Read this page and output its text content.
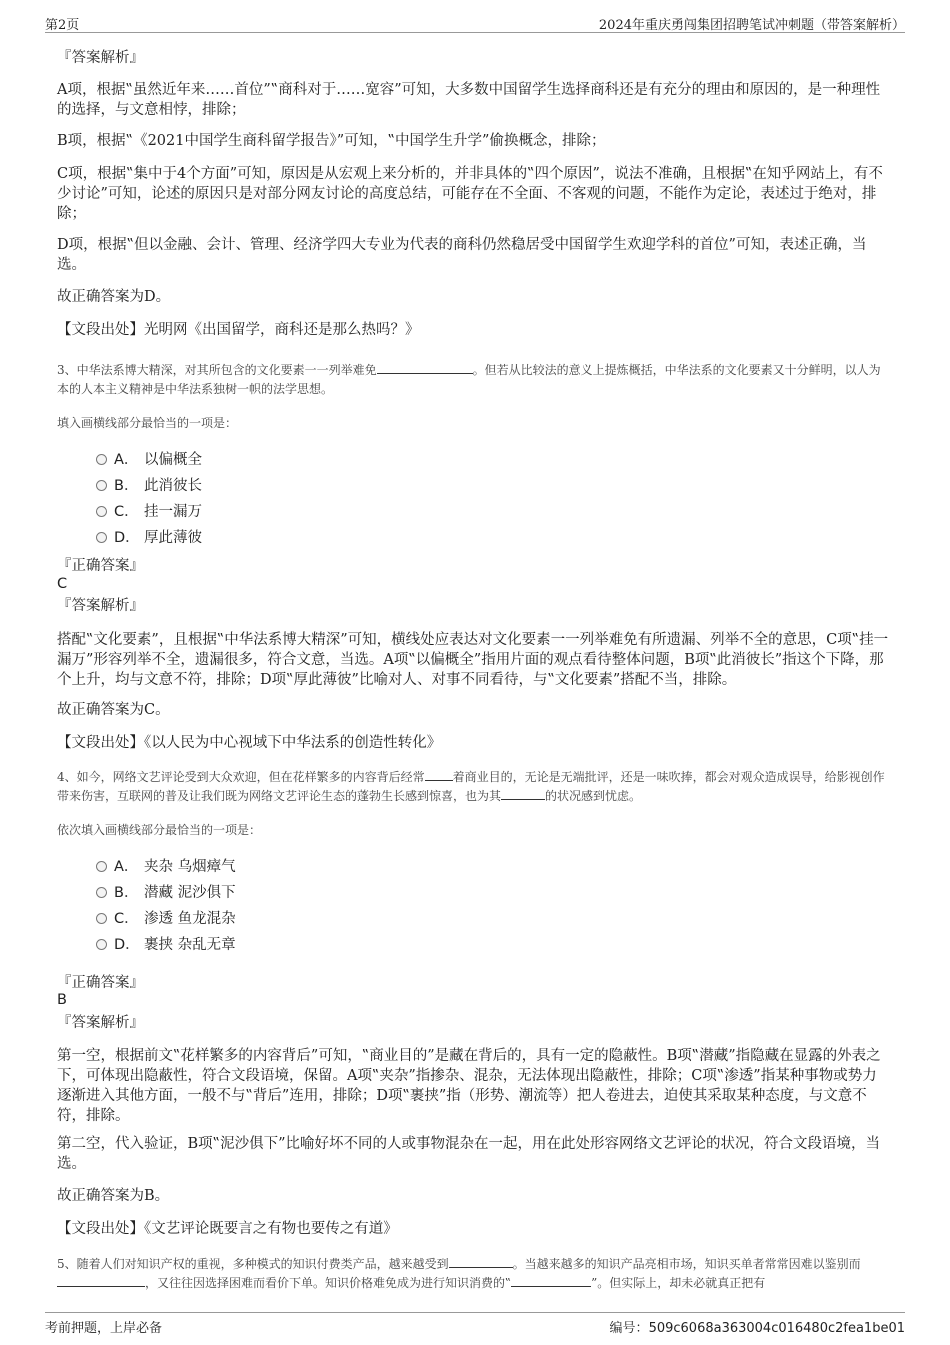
第2页	2024年重庆勇闯集团招聘笔试冲刺题（带答案解析）
『答案解析』
A项，根据‟虽然近年来……首位”‟商科对于……宽容”可知，大多数中国留学生选择商科还是有充分的理由和原因的，是一种理性的选择，与文意相悖，排除；
B项，根据‟《2021中国学生商科留学报告》”可知，‟中国学生升学”偷换概念，排除；
C项，根据‟集中于4个方面”可知，原因是从宏观上来分析的，并非具体的‟四个原因”，说法不准确，且根据‟在知乎网站上，有不少讨论”可知，论述的原因只是对部分网友讨论的高度总结，可能存在不全面、不客观的问题，不能作为定论，表述过于绝对，排除；
D项，根据‟但以金融、会计、管理、经济学四大专业为代表的商科仍然稳居受中国留学生欢迎学科的首位”可知，表述正确，当选。
故正确答案为D。
【文段出处】光明网《出国留学，商科还是那么热吗？》
3、中华法系博大精深，对其所包含的文化要素一一列举难免	。但若从比较法的意义上提炼概括，中华法系的文化要素又十分鲜明，以人为本的人本主义精神是中华法系独树一帜的法学思想。
填入画横线部分最恰当的一项是：
A． 以偏概全
B． 此消彼长
C． 挂一漏万
D． 厚此薄彼
『正确答案』
C
『答案解析』
搭配‟文化要素”，且根据‟中华法系博大精深”可知，横线处应表达对文化要素一一列举难免有所遗漏、列举不全的意思，C项‟挂一漏万”形容列举不全，遗漏很多，符合文意，当选。A项‟以偏概全”指用片面的观点看待整体问题，B项‟此消彼长”指这个下降，那个上升，均与文意不符，排除；D项‟厚此薄彼”比喻对人、对事不同看待，与‟文化要素”搭配不当，排除。
故正确答案为C。
【文段出处】《以人民为中心视域下中华法系的创造性转化》
4、如今，网络文艺评论受到大众欢迎，但在花样繁多的内容背后经常 着商业目的，无论是无端批评，还是一味吹捧，都会对观众造成误导，给影视创作带来伤害，互联网的普及让我们既为网络文艺评论生态的蓬勃生长感到惊喜，也为其	的状况感到忧虑。
依次填入画横线部分最恰当的一项是：
A． 夹杂 乌烟瘴气
B． 潜藏 泥沙俱下
C． 渗透 鱼龙混杂
D． 裹挟 杂乱无章
『正确答案』
B
『答案解析』
第一空，根据前文‟花样繁多的内容背后”可知，‟商业目的”是藏在背后的，具有一定的隐蔽性。B项‟潜藏”指隐藏在显露的外表之下，可体现出隐蔽性，符合文段语境，保留。A项‟夹杂”指掺杂、混杂，无法体现出隐蔽性，排除；C项‟渗透”指某种事物或势力逐渐进入其他方面，一般不与‟背后”连用，排除；D项‟裹挟”指（形势、潮流等）把人卷进去，迫使其采取某种态度，与文意不符，排除。
第二空，代入验证，B项‟泥沙俱下”比喻好坏不同的人或事物混杂在一起，用在此处形容网络文艺评论的状况，符合文段语境，当选。
故正确答案为B。
【文段出处】《文艺评论既要言之有物也要传之有道》
5、随着人们对知识产权的重视，多种模式的知识付费类产品，越来越受到	。当越来越多的知识产品亮相市场，知识买单者常常因难以鉴别而，又往往因选择困难而看价下单。知识价格难免成为进行知识消费的‟	”。但实际上，却未必就真正把有
考前押题，上岸必备	编号：509c6068a363004c016480c2fea1be01
